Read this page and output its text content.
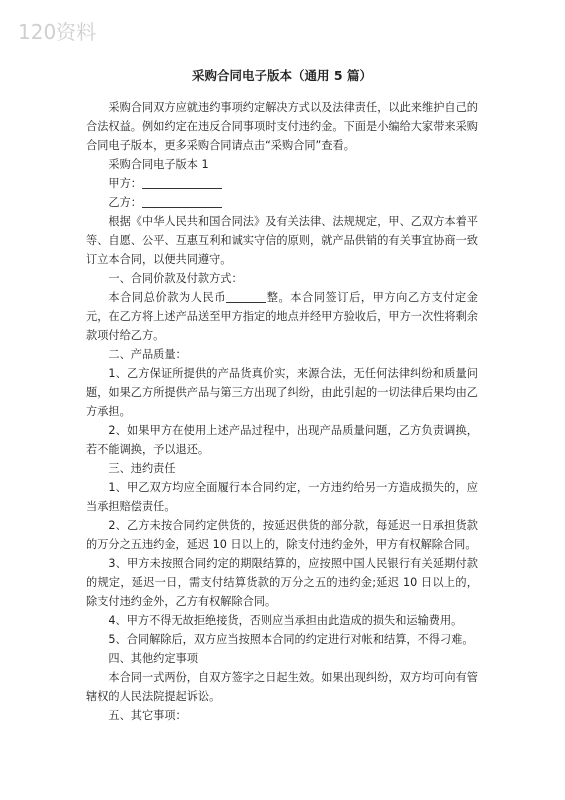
120资料
采购合同电子版本（通用 5 篇）

采购合同双方应就违约事项约定解决方式以及法律责任，以此来维护自己的合法权益。例如约定在违反合同事项时支付违约金。下面是小编给大家带来采购合同电子版本，更多采购合同请点击“采购合同”查看。

采购合同电子版本 1

甲方：

乙方：

根据《中华人民共和国合同法》及有关法律、法规规定，甲、乙双方本着平等、自愿、公平、互惠互利和诚实守信的原则，就产品供销的有关事宜协商一致订立本合同，以便共同遵守。

一、合同价款及付款方式：

本合同总价款为人民币	整。本合同签订后，甲方向乙方支付定金元，在乙方将上述产品送至甲方指定的地点并经甲方验收后，甲方一次性将剩余款项付给乙方。

二、产品质量：

1、乙方保证所提供的产品货真价实，来源合法，无任何法律纠纷和质量问题，如果乙方所提供产品与第三方出现了纠纷，由此引起的一切法律后果均由乙方承担。

2、如果甲方在使用上述产品过程中，出现产品质量问题，乙方负责调换，若不能调换，予以退还。

三、违约责任

1、甲乙双方均应全面履行本合同约定，一方违约给另一方造成损失的，应当承担赔偿责任。

2、乙方未按合同约定供货的，按延迟供货的部分款，每延迟一日承担货款的万分之五违约金，延迟 10 日以上的，除支付违约金外，甲方有权解除合同。

3、甲方未按照合同约定的期限结算的，应按照中国人民银行有关延期付款的规定，延迟一日，需支付结算货款的万分之五的违约金;延迟 10 日以上的，除支付违约金外，乙方有权解除合同。

4、甲方不得无故拒绝接货，否则应当承担由此造成的损失和运输费用。

5、合同解除后，双方应当按照本合同的约定进行对帐和结算，不得刁难。

四、其他约定事项

本合同一式两份，自双方签字之日起生效。如果出现纠纷，双方均可向有管辖权的人民法院提起诉讼。

五、其它事项：
